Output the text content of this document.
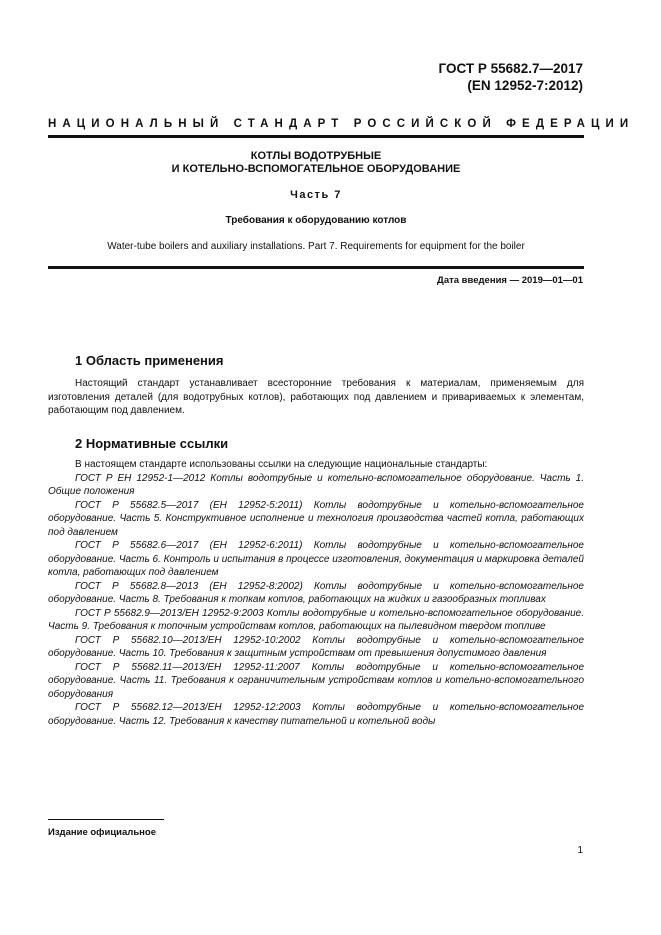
ГОСТ Р 55682.7—2017
(EN 12952-7:2012)
НАЦИОНАЛЬНЫЙ СТАНДАРТ РОССИЙСКОЙ ФЕДЕРАЦИИ
КОТЛЫ ВОДОТРУБНЫЕ
И КОТЕЛЬНО-ВСПОМОГАТЕЛЬНОЕ ОБОРУДОВАНИЕ
Часть 7
Требования к оборудованию котлов
Water-tube boilers and auxiliary installations. Part 7. Requirements for equipment for the boiler
Дата введения — 2019—01—01
1 Область применения
Настоящий стандарт устанавливает всесторонние требования к материалам, применяемым для изготовления деталей (для водотрубных котлов), работающих под давлением и привариваемых к элементам, работающим под давлением.
2 Нормативные ссылки
В настоящем стандарте использованы ссылки на следующие национальные стандарты:
ГОСТ Р ЕН 12952-1—2012 Котлы водотрубные и котельно-вспомогательное оборудование. Часть 1. Общие положения
ГОСТ Р 55682.5—2017 (ЕН 12952-5:2011) Котлы водотрубные и котельно-вспомогательное оборудование. Часть 5. Конструктивное исполнение и технология производства частей котла, работающих под давлением
ГОСТ Р 55682.6—2017 (ЕН 12952-6:2011) Котлы водотрубные и котельно-вспомогательное оборудование. Часть 6. Контроль и испытания в процессе изготовления, документация и маркировка деталей котла, работающих под давлением
ГОСТ Р 55682.8—2013 (ЕН 12952-8:2002) Котлы водотрубные и котельно-вспомогательное оборудование. Часть 8. Требования к топкам котлов, работающих на жидких и газообразных топливах
ГОСТ Р 55682.9—2013/ЕН 12952-9:2003 Котлы водотрубные и котельно-вспомогательное оборудование. Часть 9. Требования к топочным устройствам котлов, работающих на пылевидном твердом топливе
ГОСТ Р 55682.10—2013/ЕН 12952-10:2002 Котлы водотрубные и котельно-вспомогательное оборудование. Часть 10. Требования к защитным устройствам от превышения допустимого давления
ГОСТ Р 55682.11—2013/ЕН 12952-11:2007 Котлы водотрубные и котельно-вспомогательное оборудование. Часть 11. Требования к ограничительным устройствам котлов и котельно-вспомогательного оборудования
ГОСТ Р 55682.12—2013/ЕН 12952-12:2003 Котлы водотрубные и котельно-вспомогательное оборудование. Часть 12. Требования к качеству питательной и котельной воды
Издание официальное
1
